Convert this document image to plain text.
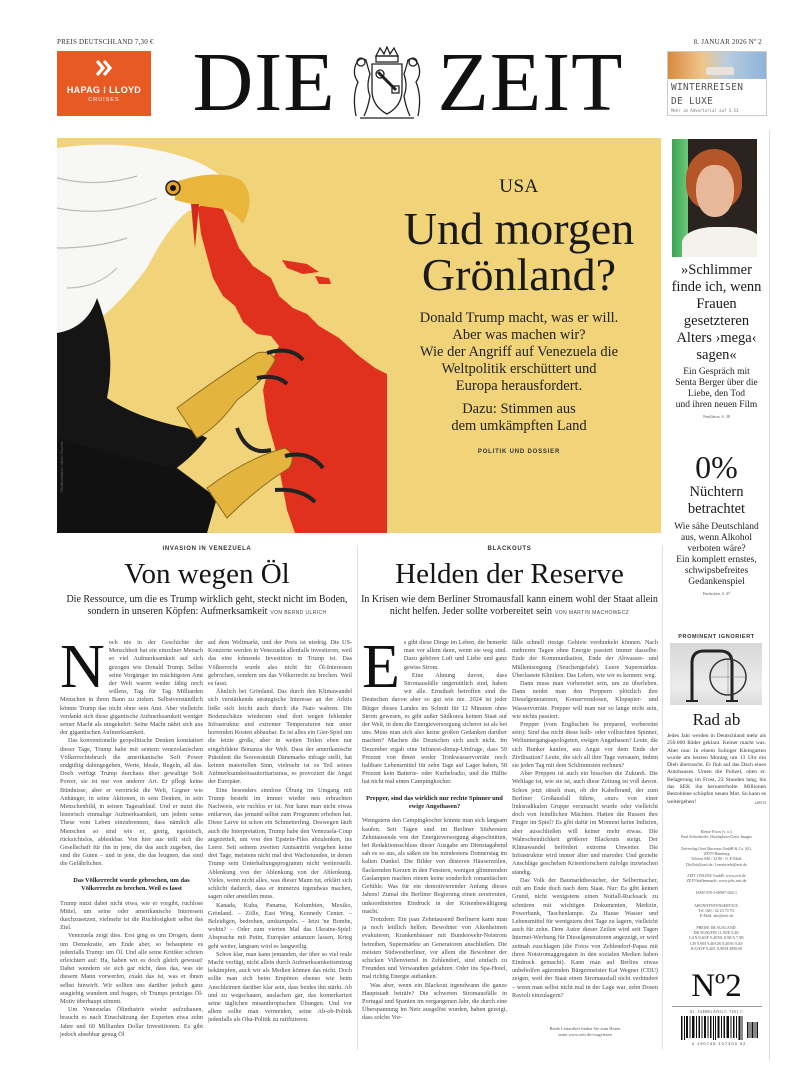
PREIS DEUTSCHLAND 7,30 €	8. JANUAR 2026 Nº 2
HAPAG ⁞ LLOYD
CRUISES DIE ZEIT	WINTERREISEN
DE LUXE
Mehr im Advertorial auf S.53
Titelillustration: Mirko Fischer
USA
Und morgen
Grönland?
Donald Trump macht, was er will.
Aber was machen wir?
Wie der Angriff auf Venezuela die
Weltpolitik erschüttert und
Europa herausfordert.
Dazu: Stimmen aus
dem umkämpften Land
POLITIK UND DOSSIER
»Schlimmer
finde ich, wenn
Frauen
gesetzteren
Alters ›mega‹
sagen«
Ein Gespräch mit
Senta Berger über die
Liebe, den Tod
und ihren neuen Film
Feuilleton, S. 38
0%
Nüchtern
betrachtet
Wie sähe Deutschland
aus, wenn Alkohol
verboten wäre?
Ein komplett ernstes,
schwipsbefreites
Gedankenspiel
Entdecken, S. 47
PROMINENT IGNORIERT
Rad ab
Jedes Jahr werden in Deutschland mehr als 250.000 Räder geklaut. Keiner macht was. Aber nun: In einem Solinger Kleingarten wurde am letzten Montag um 13 Uhr ein Dieb überrascht. Er floh auf das Dach eines Autohauses. Unten die Polizei, oben er. Belagerung im Frost, 22 Stunden lang, bis das SEK ihn herunterholte. Millionen Bestohlene schöpfen neuen Mut. So kann es weitergehen!	USTO
Kleine Fotos (v. o.):
Paul Schirnhofer; iStockphoto/Getty Images
Zeitverlag Gerd Bucerius GmbH & Co. KG,
20079 Hamburg
Telefon 040 / 32 80 - 0; E-Mail:
DieZeit@zeit.de, Leserbriefe@zeit.de
ZEIT ONLINE GmbH: www.zeit.de
ZEIT-Stellenmarkt: www.jobs.zeit.de
ISSN 978-3-68987-044-1
ABONNENTENSERVICE:
Tel. 040 / 42 23 70 70,
E-Mail: abo@zeit.de
PREISE IM AUSLAND:
DK 90,00/FIN 11,90/E 9,40/
CAN 9,40/F 9,40/NL 8,90/A 7,90/
CH 9,90/I 9,40/GR 9,40/SI 9,40/
B 8,90/P 9,40/L 8,90/H 4990,00
Nº2
81. JAHRGANG C 7451 C
4 190745 107303 02
INVASION IN VENEZUELA
Von wegen Öl
Die Ressource, um die es Trump wirklich geht, steckt nicht im Boden, sondern in unseren Köpfen: Aufmerksamkeit VON BERND ULRICH

Noch nie in der Geschichte der Menschheit hat ein einzelner Mensch so viel Aufmerksamkeit auf sich gezogen wie Donald Trump. Selbst seine Vorgänger im mächtigsten Amt der Welt waren weder fähig noch willens, Tag für Tag Milliarden Menschen in ihren Bann zu ziehen. Selbstverständlich könnte Trump das nicht ohne sein Amt. Aber vielleicht verdankt sich diese gigantische Aufmerksamkeit weniger seiner Macht als umgekehrt: Seine Macht nährt sich aus der gigantischen Aufmerksamkeit.

Das konventionelle geopolitische Denken konstatiert dieser Tage, Trump habe mit seinem venezolanischen Völkerrechtsbruch die amerikanische Soft Power endgültig dahingegeben, Werte, Ideale, Regeln, all das. Doch verfügt Trump durchaus über gewaltige Soft Power, sie ist nur von anderer Art. Er pflegt keine Bündnisse, aber er verstrickt die Welt, Gegner wie Anhänger, in seine Aktionen, in sein Denken, in sein Menschenbild, in seinen Tagesablauf. Und er nutzt die historisch einmalige Aufmerksamkeit, um jedem seine These vom Leben einzubrennen, dass nämlich alle Menschen so sind wie er, gierig, egoistisch, rücksichtslos, ablenkbar. Von hier aus teilt sich die Gesellschaft für ihn in jene, die das auch zugeben, das sind die Guten – und in jene, die das leugnen, das sind die Gefährlichen.

Das Völkerrecht wurde gebrochen, um das Völkerrecht zu brechen. Weil es fasst

Trump nutzt dabei nicht etwa, wie er vorgibt, ruchlose Mittel, um seine oder amerikanische Interessen durchzusetzen, vielmehr ist die Ruchlosigkeit selbst das Ziel.

Venezuela zeigt dies. Erst ging es um Drogen, dann um Demokratie, am Ende aber, so behauptete es jedenfalls Trump: um Öl. Und alle seine Kritiker schrien erleichtert auf: Ha, haben wir es doch gleich gewusst! Dabei wundern sie sich gar nicht, dass das, was sie diesem Mann vorwerfen, exakt das ist, was er ihnen selbst hinwirft. Wir sollten uns darüber jedoch ganz ausgiebig wundern und fragen, ob Trumps protziges Öl-Motiv überhaupt stimmt.

Um Venezuelas Ölindustrie wieder aufzubauen, braucht es nach Einschätzung der Experten etwa zehn Jahre und 60 Milliarden Dollar Investitionen. Es gibt jedoch absehbar genug Öl

auf dem Weltmarkt, und der Preis ist niedrig. Die US-Konzerne werden in Venezuela allenfalls investieren, weil das eine lohnende Investition in Trump ist. Das Völkerrecht wurde also nicht für Öl-Interessen gebrochen, sondern um das Völkerrecht zu brechen. Weil es fasst.

Ähnlich bei Grönland. Das durch den Klimawandel sich verstärkende strategische Interesse an der Arktis ließe sich leicht auch durch die Nato wahren. Die Bodenschätze wiederum sind dort wegen fehlender Infrastruktur und extremer Temperaturen nur unter horrenden Kosten abbaubar. Es ist alles ein Gier-Spiel um die letzte große, aber in weiten Teilen eben nur eingebildete Bonanza der Welt. Dass der amerikanische Präsident die Souveränität Dänemarks infrage stellt, hat keinen materiellen Sinn, vielmehr ist es Teil seines Aufmerksamkeitsautoritarismus, es provoziert die Angst der Europäer.

Eine besonders sinnlose Übung im Umgang mit Trump besteht im immer wieder neu erbrachten Nachweis, wie ruchlos er ist. Nur kann man nicht etwas entlarven, das jemand selbst zum Programm erhoben hat. Diese Larve ist schon ein Schmetterling. Deswegen läuft auch die Interpretation, Trump habe den Venezuela-Coup angezettelt, um von den Epstein-Files abzulenken, ins Leere. Seit seinem zweiten Amtsantritt vergehen keine drei Tage, meistens nicht mal drei Wachstunden, in denen Trump sein Unterhaltungsprogramm nicht weiterstellt. Ablenkung von der Ablenkung von der Ablenkung. Vieles, wenn nicht alles, was dieser Mann tut, erklärt sich schlicht dadurch, dass er immerzu irgendwas machen, sagen oder anstellen muss.

Kanada, Kuba, Panama, Kolumbien, Mexiko, Grönland. – Zölle, East Wing, Kennedy Center. – Beleidigen, bedrohen, umkumpeln. – Jetzt 'ne Bombe, wohin? – Oder zum vierten Mal das Ukraine-Spiel: Absprache mit Putin, Europäer antanzen lassen, Krieg geht weiter, langsam wird es langweilig.

Schon klar, man kann jemanden, der über so viel reale Macht verfügt, nicht allein durch Aufmerksamkeitsentzug bekämpfen, auch wir als Medien können das nicht. Doch sollte man sich beim Empören ebenso wie beim Anschleimen darüber klar sein, dass beides ihn stärkt. Ab und zu wegschauen, auslachen gar, das konterkariert seine täglichen misanthropischen Übungen. Und vor allem sollte man vermeiden, seine Ab-ob-Politik jedenfalls als Oha-Politik zu ratifizieren.

BLACKOUTS
Helden der Reserve
In Krisen wie dem Berliner Stromausfall kann einem wohl der Staat allein nicht helfen. Jeder sollte vorbereitet sein VON MARTIN MACHOWECZ

Es gibt diese Dinge im Leben, die bemerkt man vor allem dann, wenn sie weg sind. Dazu gehören Luft und Liebe und ganz gewiss Strom.

Eine Ahnung davon, dass Stromausfälle ungemütlich sind, haben wir alle. Ernsthaft betroffen sind die Deutschen davon aber so gut wie nie. 2024 ist jeder Bürger dieses Landes im Schnitt für 12 Minuten ohne Strom gewesen, es gibt außer Südkorea keinen Staat auf der Welt, in dem die Energieversorgung sicherer ist als bei uns. Muss man sich also keine großen Gedanken darüber machen? Machen die Deutschen sich auch nicht. Im Dezember ergab eine Infratest-dimap-Umfrage, dass 59 Prozent von ihnen weder Trinkwasservorräte noch haltbare Lebensmittel für zehn Tage auf Lager haben, 58 Prozent kein Batterie- oder Kurbelradio, und die Hälfte hat nicht mal einen Campingkocher.

Prepper, sind das wirklich nur rechte Spinner und ewige Angsthasen?

Wenigstens den Campingkocher könnte man sich langsam kaufen. Seit Tagen sind im Berliner Südwesten Zehntausende von der Energieversorgung abgeschnitten, bei Redaktionsschluss dieser Ausgabe am Dienstagabend sah es so aus, als säßen sie bis mindestens Donnerstag im kalten Dunkel. Die Bilder von düsteren Häuserzeilen, flackernden Kerzen in den Fenstern, wenigen glimmenden Gaslampen machen einem keine sonderlich romantischen Gefühle. Was für ein demotivierender Anfang dieses Jahres! Zumal die Berliner Regierung einen zerstreuten, unkoordinierten Eindruck in der Krisenbewältigung macht.

Trotzdem: Ein paar Zehntausend Berlinern kann man ja noch leidlich helfen. Bewohner von Altenheimen evakuieren, Krankenhäuser mit Bundeswehr-Notstrom betreiben, Supermärkte an Generatoren anschließen. Die meisten Südwestberliner, vor allem die Bewohner der schicken Villenviertel in Zehlendorf, sind einfach zu Freunden und Verwandten gefahren. Oder ins Spa-Hotel, mal richtig Energie auftanken.

Was aber, wenn ein Blackout irgendwann die ganze Hauptstadt beträfe? Die schweren Stromausfälle in Portugal und Spanien im vergangenen Jahr, die durch eine Überspannung im Netz ausgelöst wurden, haben gezeigt, dass solche Vor-

fälle schnell riesige Gebiete verdunkeln können. Nach mehreren Tagen ohne Energie passiert immer dasselbe: Ende der Kommunikation, Ende der Abwasser- und Müllentsorgung (Seuchengefahr). Leere Supermärkte. Überlastete Kliniken. Das Leben, wie wir es kennen: weg.

Dann muss man vorbereitet sein, um zu überleben. Dann neidet man den Preppern plötzlich ihre Dieselgeneratoren, Konservendosen, Klopapier- und Wasservorräte. Prepper will man nur so lange nicht sein, wie nichts passiert.

Prepper (vom Englischen be prepared, vorbereitet sein): Sind das nicht diese halb- oder vollrechten Spinner, Weltuntergangsapologeten, ewigen Angsthasen? Leute, die sich Bunker kaufen, aus Angst vor dem Ende der Zivilisation? Leute, die sich all ihre Tage versauen, indem sie jeden Tag mit dem Schlimmsten rechnen?

Aber Preppen ist auch ein bisschen die Zukunft. Die Weltlage ist, wie sie ist, auch diese Zeitung ist voll davon. Schon jetzt rätselt man, ob der Kabelbrand, der zum Berliner Großausfall führte, »nur« von einer linksradikalen Gruppe verursacht wurde oder vielleicht doch von feindlichen Mächten. Hatten die Russen ihre Finger im Spiel? Es gibt dafür im Moment keine Indizien, aber ausschließen will keiner mehr etwas. Die Wahrscheinlichkeit größerer Blackouts steigt. Der Klimawandel befördert extreme Unwetter. Die Infrastruktur wird immer älter und maroder. Und gezielte Anschläge geschehen Krisenforschern zufolge inzwischen ständig.

Das Volk der Baumarktbesucher, der Selbermacher, ruft am Ende doch nach dem Staat. Nur: Es gibt keinen Grund, nicht wenigstens einen Notfall-Rucksack zu schnüren mit wichtigen Dokumenten, Medizin, Powerbank, Taschenlampe. Zu Hause Wasser und Lebensmittel für wenigstens drei Tage zu lagern, vielleicht auch für zehn. Dem Autor dieser Zeilen wird seit Tagen Internet-Werbung für Dieselgeneratoren angezeigt, er wird zeitnah zuschlagen (die Fotos von Zehlendorf-Papas mit ihren Notstromaggregaten in den sozialen Medien haben Eindruck gemacht). Kann man auf Berlins etwas unbeholfen agierenden Bürgermeister Kai Wegner (CDU) zeigen, weil der Staat einen Stromausfall nicht verhindert – wenn man selbst nicht mal in der Lage war, zehn Dosen Ravioli einzulagern?

Beide Leitartikel finden Sie zum Hören
unter www.zeit.de/vorgelesen
